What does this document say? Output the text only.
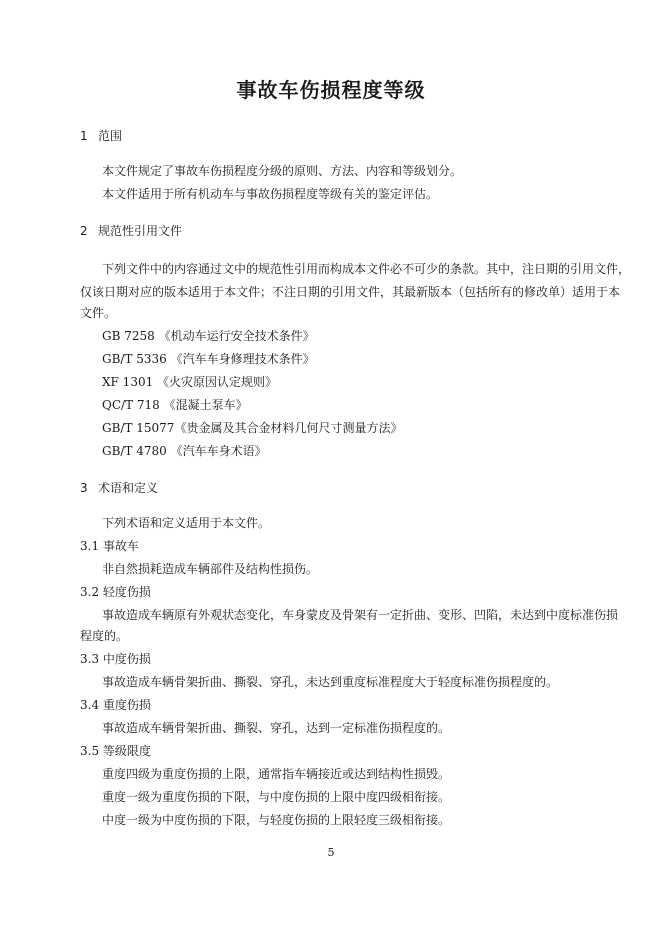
事故车伤损程度等级

1 范围

本文件规定了事故车伤损程度分级的原则、方法、内容和等级划分。

本文件适用于所有机动车与事故伤损程度等级有关的鉴定评估。

2 规范性引用文件

下列文件中的内容通过文中的规范性引用而构成本文件必不可少的条款。其中，注日期的引用文件，

仅该日期对应的版本适用于本文件；不注日期的引用文件，其最新版本（包括所有的修改单）适用于本

文件。

GB 7258 《机动车运行安全技术条件》

GB/T 5336 《汽车车身修理技术条件》

XF 1301 《火灾原因认定规则》

QC/T 718 《混凝土泵车》

GB/T 15077《贵金属及其合金材料几何尺寸测量方法》

GB/T 4780 《汽车车身术语》

3 术语和定义

下列术语和定义适用于本文件。

3.1 事故车

非自然损耗造成车辆部件及结构性损伤。

3.2 轻度伤损

事故造成车辆原有外观状态变化，车身蒙皮及骨架有一定折曲、变形、凹陷，未达到中度标准伤损

程度的。

3.3 中度伤损

事故造成车辆骨架折曲、撕裂、穿孔，未达到重度标准程度大于轻度标准伤损程度的。

3.4 重度伤损

事故造成车辆骨架折曲、撕裂、穿孔，达到一定标准伤损程度的。

3.5 等级限度

重度四级为重度伤损的上限，通常指车辆接近或达到结构性损毁。

重度一级为重度伤损的下限，与中度伤损的上限中度四级相衔接。

中度一级为中度伤损的下限，与轻度伤损的上限轻度三级相衔接。

5
